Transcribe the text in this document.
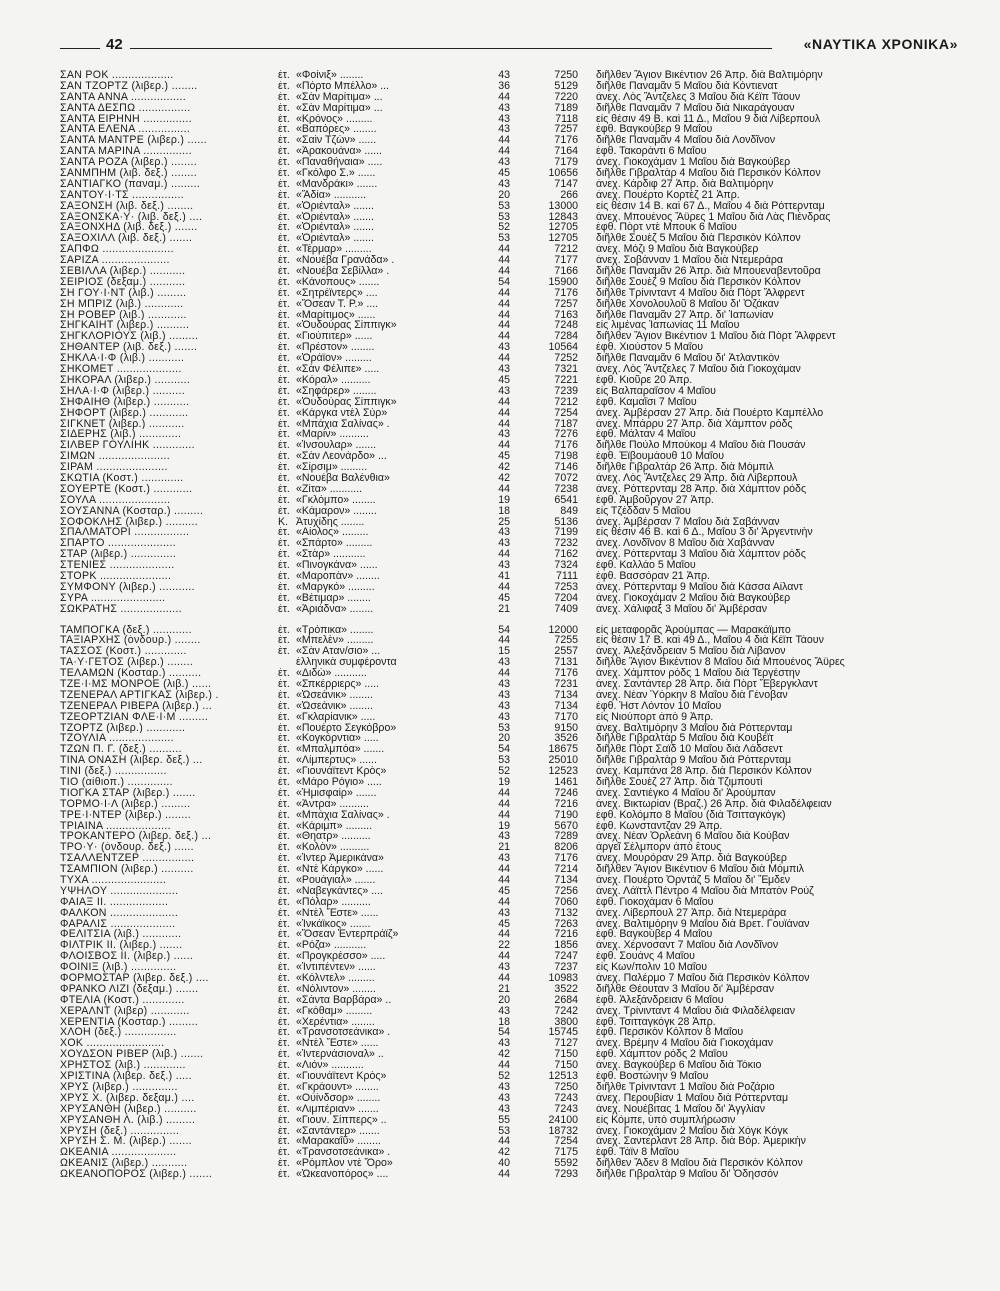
42	«ΝΑΥΤΙΚΑ ΧΡΟΝΙΚΑ»
ΣΑΝ ΡΟΚ ...................	ἐτ. «Φοίνιξ» ........	43	7250	διῆλθεν Ἅγιον Βικέντιον 26 Ἀπρ. διὰ Βαλτιμόρην
ΣΑΝ ΤΖΟΡΤΖ (λιβερ.) ........	ἐτ. «Πόρτο Μπέλλο» ...	36	5129	διῆλθε Παναμᾶν 5 Μαΐου διὰ Κόντιενατ
ΣΑΝΤΑ ΑΝΝΑ .................	ἐτ. «Σὰν Μαρίτιμα» ...	44	7220	ἀνεχ. Λὸς Ἄντζελες 3 Μαΐου διὰ Κέϊπ Τάουν
ΣΑΝΤΑ ΔΕΣΠΩ ................	ἐτ. «Σὰν Μαρίτιμα» ...	43	7189	διῆλθε Παναμᾶν 7 Μαΐου διὰ Νικαράγουαν
ΣΑΝΤΑ ΕΙΡΗΝΗ ...............	ἐτ. «Κρόνος» .........	43	7118	εἰς θέσιν 49 Β. καὶ 11 Δ., Μαΐου 9 διὰ Λίβερπουλ
ΣΑΝΤΑ ΕΛΕΝΑ ................	ἐτ. «Βαπόρες» ........	43	7257	ἐφθ. Βαγκούβερ 9 Μαΐου
ΣΑΝΤΑ ΜΑΝΤΡΕ (λιβερ.) ......	ἐτ. «Σαὶν Τζὼν» ......	44	7176	διῆλθε Παναμᾶν 4 Μαΐου διὰ Λονδῖνον
ΣΑΝΤΑ ΜΑΡΙΝΑ ...............	ἐτ. «Ἀρακουάνα» ......	44	7164	ἐφθ. Τακοράντι 6 Μαΐου
ΣΑΝΤΑ ΡΟΖΑ (λιβερ.) ........	ἐτ. «Παναθήναια» .....	43	7179	ἀνεχ. Γιοκοχάμαν 1 Μαΐου διὰ Βαγκούβερ
ΣΑΝΜΠΗΜ (λιβ. δεξ.) ........	ἐτ. «Γκόλφο Σ.» ......	45	10656	διῆλθε Γιβραλτὰρ 4 Μαΐου διὰ Περσικὸν Κόλπον
ΣΑΝΤΙΑΓΚΟ (παναμ.) .........	ἐτ. «Μανδράκι» .......	43	7147	ἀνεχ. Κάρδιφ 27 Ἀπρ. διὰ Βαλτιμόρην
ΣΑΝΤΟΥ·Ι·ΤΣ ................	ἐτ. «Ἄδία» ...........	20	266	ἀνεχ. Πουέρτο Κορτὲζ 21 Ἀπρ.
ΣΑΞΟΝΣΗ (λιβ. δεξ.) ........	ἐτ. «Ὀριένταλ» .......	53	13000	εἰς θέσιν 14 Β. καὶ 67 Δ., Μαΐου 4 διὰ Ρόττερνταμ
ΣΑΞΟΝΣΚΑ·Υ· (λιβ. δεξ.) ....	ἐτ. «Ὀριένταλ» .......	53	12843	ἀνεχ. Μπουένος Ἄϋρες 1 Μαΐου διὰ Λὰς Πιένδρας
ΣΑΞΟΝΧΗΔ (λιβ. δεξ.) .......	ἐτ. «Ὀριένταλ» .......	52	12705	ἐφθ. Πὸρτ ντὲ Μπουκ 6 Μαΐου
ΣΑΞΟΧΙΛΛ (λιβ. δεξ.) .......	ἐτ. «Ὀριένταλ» .......	53	12705	διῆλθε Σουὲζ 5 Μαΐου διὰ Περσικὸν Κόλπον
ΣΑΠΦΩ ......................	ἐτ. «Τέρμαρ» .........	44	7212	ἀνεχ. Μόζι 9 Μαΐου διὰ Βαγκούβερ
ΣΑΡΙΖΑ .....................	ἐτ. «Νουέβα Γρανάδα» .	44	7177	ἀνεχ. Σοβάνναν 1 Μαΐου διὰ Ντεμεράρα
ΣΕΒΙΛΛΑ (λιβερ.) ...........	ἐτ. «Νουέβα Σεβίλλα» .	44	7166	διῆλθε Παναμᾶν 26 Ἀπρ. διὰ Μπουεναβεντοῦρα
ΣΕΙΡΙΟΣ (δεξαμ.) ...........	ἐτ. «Κάνοπους» .......	54	15900	διῆλθε Σουὲζ 9 Μαΐου διὰ Περσικὸν Κόλπον
ΣΗ ΓΟΥ·Ι·ΝΤ (λιβ.) .........	ἐτ. «Σητρέϊντερς» ....	44	7176	διῆλθε Τρίνινταντ 4 Μαΐου διὰ Πὸρτ Ἄλφρεντ
ΣΗ ΜΠΡΙΖ (λιβ.) ............	ἐτ. «Ὄσεαν Τ. Ρ.» ....	44	7257	διῆλθε Χονολουλοῦ 8 Μαΐου δι' Ὀζάκαν
ΣΗ ΡΟΒΕΡ (λιβ.) ............	ἐτ. «Μαρίτιμος» ......	44	7163	διῆλθε Παναμᾶν 27 Ἀπρ. δι' Ἰαπωνίαν
ΣΗΓΚΑΙΗΤ (λιβερ.) ..........	ἐτ. «Ὀυδούρας Σίππιγκ»	44	7248	εἰς λιμένας Ἰαπωνίας 11 Μαΐου
ΣΗΓΚΛΟΡΙΟΥΣ (λιβ.) .........	ἐτ. «Γιούπιτερ» ......	44	7284	διῆλθεν Ἅγιον Βικέντιον 1 Μαΐου διὰ Πὸρτ Ἄλφρεντ
ΣΗΘΑΝΤΕΡ (λιβ. δεξ.) .......	ἐτ. «Πρέστον» ........	43	10564	ἐφθ. Χιούστον 5 Μαΐου
ΣΗΚΛΑ·Ι·Φ (λιβ.) ...........	ἐτ. «Ὀράϊον» .........	44	7252	διῆλθε Παναμᾶν 6 Μαΐου δι' Ἀτλαντικὸν
ΣΗΚΟΜΕΤ ....................	ἐτ. «Σὰν Φέλιπε» .....	43	7321	ἀνεχ. Λὸς Ἄντζελες 7 Μαΐου διὰ Γιοκοχάμαν
ΣΗΚΟΡΑΛ (λιβερ.) ...........	ἐτ. «Κόραλ» ..........	45	7221	ἐφθ. Κιοῦρε 20 Ἀπρ.
ΣΗΛΑ·Ι·Φ (λιβερ.) ..........	ἐτ. «Σηφάρερ» ........	43	7239	εἰς Βαλπαραΐσον 4 Μαΐου
ΣΗΦΑΙΗΘ (λιβερ.) ...........	ἐτ. «Ὀυδούρας Σίππιγκ»	44	7212	ἐφθ. Καμαΐσι 7 Μαΐου
ΣΗΦΟΡΤ (λιβερ.) ............	ἐτ. «Κάργκα ντὲλ Σύρ»	44	7254	ἀνεχ. Ἀμβέρσαν 27 Ἀπρ. διὰ Πουέρτο Καμπέλλο
ΣΙΓΚΝΕΤ (λιβερ.) ...........	ἐτ. «Μπάχια Σαλίνας» .	44	7187	ἀνεχ. Μπάρρυ 27 Ἀπρ. διὰ Χάμπτον ρόδς
ΣΙΔΕΡΗΣ (λιβ.) .............	ἐτ. «Μαρίν» ..........	43	7276	ἐφθ. Μάλταν 4 Μαΐου
ΣΙΛΒΕΡ ΓΟΥΛΙΗΚ .............	ἐτ. «Ἰνσουλαρ» .......	44	7176	διῆλθε Πούλο Μπούκομ 4 Μαΐου διὰ Πουσάν
ΣΙΜΩΝ ......................	ἐτ. «Σὰν Λεονάρδο» ...	45	7198	ἐφθ. Ἐϊβουμάουθ 10 Μαΐου
ΣΙΡΑΜ ......................	ἐτ. «Σίρσιμ» .........	42	7146	διῆλθε Γιβραλτὰρ 26 Ἀπρ. διὰ Μόμπιλ
ΣΚΩΤΙΑ (Κοστ.) .............	ἐτ. «Νουέβα Βαλένθια»	42	7072	ἀνεχ. Λὸς Ἄντζελες 29 Ἀπρ. διὰ Λίβερπουλ
ΣΟΥΕΡΤΕ (Κοστ.) ............	ἐτ. «Ζίτα» ...........	44	7238	ἀνεχ. Ρόττερνταμ 28 Ἀπρ. διὰ Χάμπτον ρόδς
ΣΟΥΛΑ ......................	ἐτ. «Γκλόμπο» ........	19	6541	ἐφθ. Ἀμβοῦργον 27 Ἀπρ.
ΣΟΥΣΑΝΝΑ (Κοσταρ.) .........	ἐτ. «Κάμαρον» ........	18	849	εἰς Τζέδδαν 5 Μαΐου
ΣΟΦΟΚΛΗΣ (λιβερ.) ..........	Κ. Ἀτυχίδης ........	25	5136	ἀνεχ. Ἀμβέρσαν 7 Μαΐου διὰ Σαβάνναν
ΣΠΑΛΜΑΤΟΡΙ .................	ἐτ. «Αἰολος» .........	43	7199	εἰς θέσιν 46 Β. καὶ 6 Δ., Μαΐου 3 δι' Ἀργεντινὴν
ΣΠΑΡΤΟ .....................	ἐτ. «Σπάρτο» .........	43	7232	ἀνεχ. Λονδῖνον 8 Μαΐου διὰ Χαβάνναν
ΣΤΑΡ (λιβερ.) ..............	ἐτ. «Στὰρ» ...........	44	7162	ἀνεχ. Ρόττερνταμ 3 Μαΐου διὰ Χάμπτον ρόδς
ΣΤΕΝΙΕΣ ....................	ἐτ. «Πινογκάνα» ......	43	7324	ἐφθ. Καλλάο 5 Μαΐου
ΣΤΟΡΚ ......................	ἐτ. «Μαροπὰν» ........	41	7111	ἐφθ. Βασσόραν 21 Ἀπρ.
ΣΥΜΦΟΝΥ (λιβερ.) ...........	ἐτ. «Μαργκό» .........	44	7253	ἀνεχ. Ρόττερνταμ 9 Μαΐου διὰ Κάσσα Αἰλαντ
ΣΥΡΑ .......................	ἐτ. «Βέτιμαρ» ........	45	7204	ἀνεχ. Γιοκοχάμαν 2 Μαΐου διὰ Βαγκούβερ
ΣΩΚΡΑΤΗΣ ...................	ἐτ. «Ἀριάδνα» ........	21	7409	ἀνεχ. Χάλιφαξ 3 Μαΐου δι' Ἀμβέρσαν
ΤΑΜΠΟΓΚΑ (δεξ.) ............	ἐτ. «Τρόπικα» ........	54	12000	εἰς μεταφορᾶς Ἀρούμπας — Μαρακάϊμπο
ΤΑΞΙΑΡΧΗΣ (ὀνδουρ.) ........	ἐτ. «Μπελὲν» .........	44	7255	εἰς θέσιν 17 Β. καὶ 49 Δ., Μαΐου 4 διὰ Κέϊπ Τάουν
ΤΑΣΣΟΣ (Κοστ.) .............	ἐτ. «Σὰν Αταν/σιο» ...	15	2557	ἀνεχ. Ἀλεξάνδρειαν 5 Μαΐου διὰ Λίβανον
ΤΑ·Υ·ΓΕΤΟΣ (λιβερ.) ........	ἑλληνικὰ συμφέροντα	43	7131	διῆλθε Ἅγιον Βικέντιον 8 Μαΐου διὰ Μπουένος Ἄϋρες
ΤΕΛΑΜΩΝ (Κοσταρ.) ..........	ἐτ. «Διδὼ» ...........	44	7176	ἀνεχ. Χάμπτον ρόδς 1 Μαΐου διὰ Τεργέστην
ΤΖΕ·Ι·ΜΣ ΜΟΝΡΟΕ (λιβ.) ......	ἐτ. «Σπκέρριερς» .....	43	7231	ἀνεχ. Σαντάντερ 28 Ἀπρ. διὰ Πὸρτ Ἔβεργκλαντ
ΤΖΕΝΕΡΑΛ ΑΡΤΙΓΚΑΣ (λιβερ.) .	ἐτ. «Ὠσεάνικ» ........	43	7134	ἀνεχ. Νέαν Ὑόρκην 8 Μαΐου διὰ Γένοβαν
ΤΖΕΝΕΡΑΛ ΡΙΒΕΡΑ (λιβερ.) ...	ἐτ. «Ὠσεάνικ» ........	43	7134	ἐφθ. Ἡστ Λόντον 10 Μαΐου
ΤΖΕΟΡΤΖΙΑΝ ΦΛΕ·Ι·Μ .........	ἐτ. «Γκλαρίανικ» .....	43	7170	εἰς Νιούπορτ ἀπὸ 9 Ἀπρ.
ΤΖΟΡΤΖ (λιβερ.) ............	ἐτ. «Πουέρτο Σεγκόβρο»	53	9150	ἀνεχ. Βαλτιμόρην 3 Μαΐου διὰ Ρόττερνταμ
ΤΖΟΥΛΙΑ ....................	ἐτ. «Κογκόρντια» .....	20	3526	διῆλθε Γιβραλτὰρ 5 Μαΐου διὰ Κουβέϊτ
ΤΖΩΝ Π. Γ. (δεξ.) ..........	ἐτ. «Μπαλμπόα» .......	54	18675	διῆλθε Πὸρτ Σαῒδ 10 Μαΐου διὰ Λάδσεντ
ΤΙΝΑ ΟΝΑΣΗ (λιβερ. δεξ.) ...	ἐτ. «Λίμπερτυς» ......	53	25010	διῆλθε Γιβραλτὰρ 9 Μαΐου διὰ Ρόττερνταμ
ΤΙΝΙ (δεξ.) ................	ἐτ. «Γιουνάϊτεντ Κρὸς»	52	12523	ἀνεχ. Καμπάνα 28 Ἀπρ. διὰ Περσικὸν Κόλπον
ΤΙΟ (αἰθιοπ.) ..............	ἐτ. «Μάρο Ρόγιο» .....	19	1461	διῆλθε Σουὲζ 27 Ἀπρ. διὰ Τζιμπουτὶ
ΤΙΟΓΚΑ ΣΤΑΡ (λιβερ.) .......	ἐτ. «Ἡμισφαίρ» .......	44	7246	ἀνεχ. Σαντιέγκο 4 Μαΐου δι' Ἀρούμπαν
ΤΟΡΜΟ·Ι·Λ (λιβερ.) .........	ἐτ. «Ἀντρα» ..........	44	7216	ἀνεχ. Βικτωρίαν (Βραζ.) 26 Ἀπρ. διὰ Φιλαδέλφειαν
ΤΡΕ·Ι·ΝΤΕΡ (λιβερ.) ........	ἐτ. «Μπάχια Σαλίνας» .	44	7190	ἐφθ. Κολόμπο 8 Μαΐου (διὰ Τσιτταγκόγκ)
ΤΡΙΑΙΝΑ ....................	ἐτ. «Κάριμπ» .........	19	5670	ἐφθ. Κωνσταντζαν 29 Ἀπρ.
ΤΡΟΚΑΝΤΕΡΟ (λιβερ. δεξ.) ...	ἐτ. «Θηατρ» ..........	43	7289	ἀνεχ. Νέαν Ὀρλεάνη 6 Μαΐου διὰ Κούβαν
ΤΡΟ·Υ· (ὀνδουρ. δεξ.) ......	ἐτ. «Κολὸν» ..........	21	8206	ἀργεῖ Σέλμπορν ἀπὸ ἔτους
ΤΣΑΛΛΕΝΤΖΕΡ ................	ἐτ. «Ἰντερ Ἀμερικάνα»	43	7176	ἀνεχ. Μουρόραν 29 Ἀπρ. διὰ Βαγκούβερ
ΤΣΑΜΠΙΟΝ (λιβερ.) ..........	ἐτ. «Ντὲ Κάργκο» ......	44	7214	διῆλθεν Ἅγιον Βικέντιον 6 Μαΐου διὰ Μόμπιλ
ΤΥΧΑ .......................	ἐτ. «Ρουάγιαλ» .......	44	7134	ἀνεχ. Πουέρτο Ὀρντάζ 5 Μαΐου δι' Ἔμδεν
ΥΨΗΛΟΥ .....................	ἐτ. «Ναβεγκάντες» ....	45	7256	ἀνεχ. Λάϊττλ Πέντρο 4 Μαΐου διὰ Μπατὸν Ρούζ
ΦΑΙΑΞ II. ..................	ἐτ. «Πόλαρ» ..........	44	7060	ἐφθ. Γιοκοχάμαν 6 Μαΐου
ΦΑΛΚΟΝ .....................	ἐτ. «Ντὲλ Ἔστε» ......	43	7132	ἀνεχ. Λίβερπουλ 27 Ἀπρ. διὰ Ντεμεράρα
ΦΑΡΑΛΙΣ ....................	ἐτ. «Ἰνκάϊκος» .......	45	7263	ἀνεχ. Βαλτιμόρην 9 Μαΐου διὰ Βρετ. Γουϊάναν
ΦΕΛΙΤΣΙΑ (λιβ.) ............	ἐτ. «Ὄσεαν Ἐντερπράϊζ»	44	7216	ἐφθ. Βαγκούβερ 4 Μαΐου
ΦΙΛΤΡΙΚ II. (λιβερ.) .......	ἐτ. «Ρόζα» ...........	22	1856	ἀνεχ. Χέρνοσαντ 7 Μαΐου διὰ Λονδῖνον
ΦΛΟΙΣΒΟΣ II. (λιβερ.) ......	ἐτ. «Προγκρέσσο» .....	44	7247	ἐφθ. Σουάνς 4 Μαΐου
ΦΟΙΝΙΞ (λιβ.) ..............	ἐτ. «Ἰντιπέντεν» ......	43	7237	εἰς Κων/πολιν 10 Μαΐου
ΦΟΡΜΟΣΤΑΡ (λιβερ. δεξ.) ....	ἐτ. «Κόλντελ» .........	44	10983	ἀνεχ. Παλέρμο 7 Μαΐου διὰ Περσικὸν Κόλπον
ΦΡΑΝΚΟ ΛΙΖΙ (δεξαμ.) .......	ἐτ. «Νόλιντον» ........	21	3522	διῆλθε Θέουταν 3 Μαΐου δι' Ἀμβέρσαν
ΦΤΕΛΙΑ (Κοστ.) .............	ἐτ. «Σάντα Βαρβάρα» ..	20	2684	ἐφθ. Ἀλεξάνδρειαν 6 Μαΐου
ΧΕΡΑΛΝΤ (λιβερ) ............	ἐτ. «Γκόθαμ» .........	43	7242	ἀνεχ. Τρίνινταντ 4 Μαΐου διὰ Φιλαδέλφειαν
ΧΕΡΕΝΤΙΑ (Κοσταρ.) .........	ἐτ. «Χερέντια» ........	18	3800	ἐφθ. Τσιτταγκόγκ 28 Ἀπρ.
ΧΛΟΗ (δεξ.) ................	ἐτ. «Τρανσοτσεάνικα» .	54	15745	ἐφθ. Περσικὸν Κόλπον 8 Μαΐου
ΧΟΚ ........................	ἐτ. «Ντὲλ Ἔστε» ......	43	7127	ἀνεχ. Βρέμην 4 Μαΐου διὰ Γιοκοχάμαν
ΧΟΥΔΣΟΝ ΡΙΒΕΡ (λιβ.) .......	ἐτ. «Ἰντερνάσιοναλ» ..	42	7150	ἐφθ. Χάμπτον ρόδς 2 Μαΐου
ΧΡΗΣΤΟΣ (λιβ.) .............	ἐτ. «Λιόν» ...........	44	7150	ἀνεχ. Βαγκούβερ 6 Μαΐου διὰ Τόκιο
ΧΡΙΣΤΙΝΑ (λιβερ. δεξ.) .....	ἐτ. «Γιουνάϊτεντ Κρὸς»	52	12513	ἐφθ. Βοστώνην 9 Μαΐου
ΧΡΥΣ (λιβερ.) ..............	ἐτ. «Γκράουντ» ........	43	7250	διῆλθε Τρίνινταντ 1 Μαΐου διὰ Ροζάριο
ΧΡΥΣ Χ. (λιβερ. δεξαμ.) ....	ἐτ. «Οὐίνδσορ» ........	43	7243	ἀνεχ. Περουβίαν 1 Μαΐου διὰ Ρόττερνταμ
ΧΡΥΣΑΝΘΗ (λιβερ.) ..........	ἐτ. «Λιμπέριαν» .......	43	7243	ἀνεχ. Νουέβιτας 1 Μαΐου δι' Ἀγγλίαν
ΧΡΥΣΑΝΘΗ Λ. (λιβ.) .........	ἐτ. «Γιουν. Σίππερς» ..	55	24100	εἰς Κόμπε, ὑπὸ συμπλήρωσιν
ΧΡΥΣΗ (δεξ.) ...............	ἐτ. «Σαντάντερ» .......	53	18732	ἀνεχ. Γιοκοχάμαν 2 Μαΐου διὰ Χόγκ Κόγκ
ΧΡΥΣΗ Σ. Μ. (λιβερ.) .......	ἐτ. «Μαρακαΐῦ» ........	44	7254	ἀνεχ. Σαντερλαντ 28 Ἀπρ. διὰ Βόρ. Ἀμερικὴν
ΩΚΕΑΝΙΑ ....................	ἐτ. «Τρανσοτσεάνικα» .	42	7175	ἐφθ. Τάϊν 8 Μαΐου
ΩΚΕΑΝΙΣ (λιβερ.) ...........	ἐτ. «Ρόμπλον ντὲ Ὅρο»	40	5592	διῆλθεν Ἄδεν 8 Μαΐου διὰ Περσικὸν Κόλπον
ΩΚΕΑΝΟΠΟΡΟΣ (λιβερ.) .......	ἐτ. «Ὠκεανοπόρος» ....	44	7293	διῆλθε Γιβραλτὰρ 9 Μαΐου δι' Ὀδησσόν
